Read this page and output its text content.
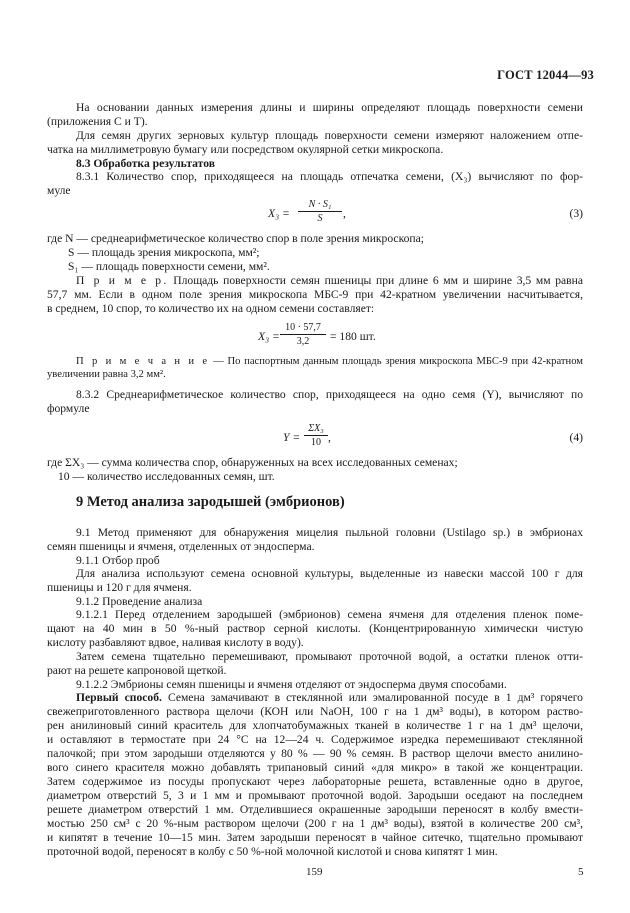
ГОСТ 12044—93
На основании данных измерения длины и ширины определяют площадь поверхности семени
(приложения С и Т).
Для семян других зерновых культур площадь поверхности семени измеряют наложением отпе-
чатка на миллиметровую бумагу или посредством окулярной сетки микроскопа.
8.3 Обработка результатов
8.3.1 Количество спор, приходящееся на площадь отпечатка семени, (X₃) вычисляют по фор-
муле
$X_3 = \frac{\text{N · S₁}}{S}$ ,	(3)
где N — среднеарифметическое количество спор в поле зрения микроскопа;
S — площадь зрения микроскопа, мм²;
S₁ — площадь поверхности семени, мм².
П р и м е р. Площадь поверхности семян пшеницы при длине 6 мм и ширине 3,5 мм равна
57,7 мм. Если в одном поле зрения микроскопа МБС-9 при 42-кратном увеличении насчитывается,
в среднем, 10 спор, то количество их на одном семени составляет:
$X_3 = \frac{10 \cdot 57,7}{3,2} = 180$ шт.
П р и м е ч а н и е — По паспортным данным площадь зрения микроскопа МБС-9 при 42-кратном
увеличении равна 3,2 мм².
8.3.2 Среднеарифметическое количество спор, приходящееся на одно семя (Y), вычисляют по
формуле
$Y = \frac{\text{ΣX₃}}{10}$ ,	(4)
где ΣX₃ — сумма количества спор, обнаруженных на всех исследованных семенах;
10 — количество исследованных семян, шт.
9 Метод анализа зародышей (эмбрионов)
9.1 Метод применяют для обнаружения мицелия пыльной головни (Ustilago sp.) в эмбрионах
семян пшеницы и ячменя, отделенных от эндосперма.
9.1.1 Отбор проб
Для анализа используют семена основной культуры, выделенные из навески массой 100 г для
пшеницы и 120 г для ячменя.
9.1.2 Проведение анализа
9.1.2.1 Перед отделением зародышей (эмбрионов) семена ячменя для отделения пленок поме-
щают на 40 мин в 50 %-ный раствор серной кислоты. (Концентрированную химически чистую
кислоту разбавляют вдвое, наливая кислоту в воду).
Затем семена тщательно перемешивают, промывают проточной водой, а остатки пленок отти-
рают на решете капроновой щеткой.
9.1.2.2 Эмбрионы семян пшеницы и ячменя отделяют от эндосперма двумя способами.
Первый способ. Семена замачивают в стеклянной или эмалированной посуде в 1 дм³ горячего
свежеприготовленного раствора щелочи (КОН или NaOH, 100 г на 1 дм³ воды), в котором раство-
рен анилиновый синий краситель для хлопчатобумажных тканей в количестве 1 г на 1 дм³ щелочи,
и оставляют в термостате при 24 °С на 12—24 ч. Содержимое изредка перемешивают стеклянной
палочкой; при этом зародыши отделяются у 80 % — 90 % семян. В раствор щелочи вместо анилино-
вого синего красителя можно добавлять трипановый синий «для микро» в такой же концентрации.
Затем содержимое из посуды пропускают через лабораторные решета, вставленные одно в другое,
диаметром отверстий 5, 3 и 1 мм и промывают проточной водой. Зародыши оседают на последнем
решете диаметром отверстий 1 мм. Отделившиеся окрашенные зародыши переносят в колбу вмести-
мостью 250 см³ с 20 %-ным раствором щелочи (200 г на 1 дм³ воды), взятой в количестве 200 см³,
и кипятят в течение 10—15 мин. Затем зародыши переносят в чайное ситечко, тщательно промывают
проточной водой, переносят в колбу с 50 %-ной молочной кислотой и снова кипятят 1 мин.
159	5
